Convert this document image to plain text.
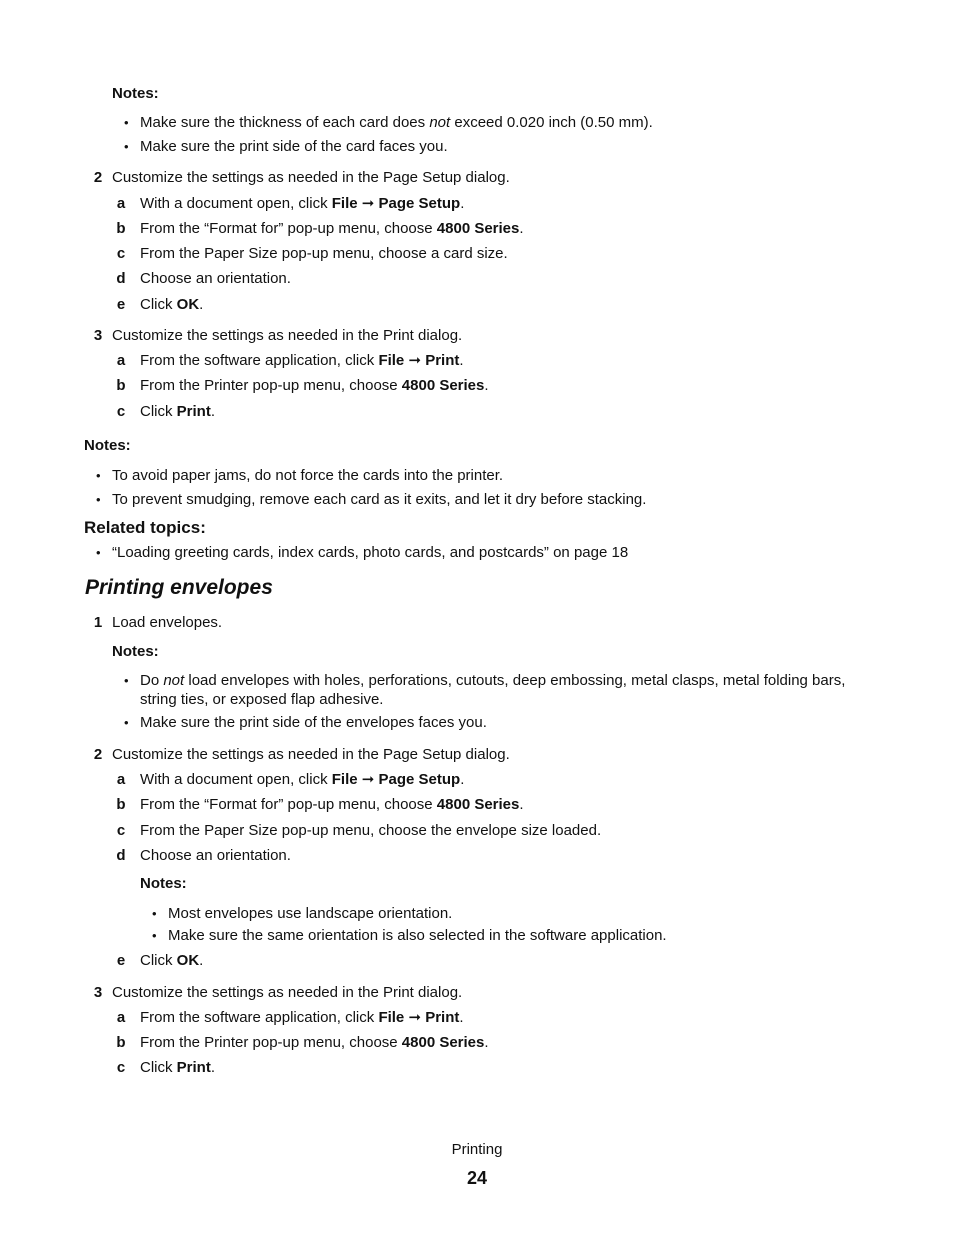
Notes:
• Make sure the thickness of each card does not exceed 0.020 inch (0.50 mm).
• Make sure the print side of the card faces you.
2 Customize the settings as needed in the Page Setup dialog.
a With a document open, click File ➞ Page Setup.
b From the “Format for” pop-up menu, choose 4800 Series.
c From the Paper Size pop-up menu, choose a card size.
d Choose an orientation.
e Click OK.
3 Customize the settings as needed in the Print dialog.
a From the software application, click File ➞ Print.
b From the Printer pop-up menu, choose 4800 Series.
c Click Print.
Notes:
• To avoid paper jams, do not force the cards into the printer.
• To prevent smudging, remove each card as it exits, and let it dry before stacking.
Related topics:
• “Loading greeting cards, index cards, photo cards, and postcards” on page 18
Printing envelopes
1 Load envelopes.
Notes:
• Do not load envelopes with holes, perforations, cutouts, deep embossing, metal clasps, metal folding bars,
string ties, or exposed flap adhesive.
• Make sure the print side of the envelopes faces you.
2 Customize the settings as needed in the Page Setup dialog.
a With a document open, click File ➞ Page Setup.
b From the “Format for” pop-up menu, choose 4800 Series.
c From the Paper Size pop-up menu, choose the envelope size loaded.
d Choose an orientation.
Notes:
• Most envelopes use landscape orientation.
• Make sure the same orientation is also selected in the software application.
e Click OK.
3 Customize the settings as needed in the Print dialog.
a From the software application, click File ➞ Print.
b From the Printer pop-up menu, choose 4800 Series.
c Click Print.
Printing
24
